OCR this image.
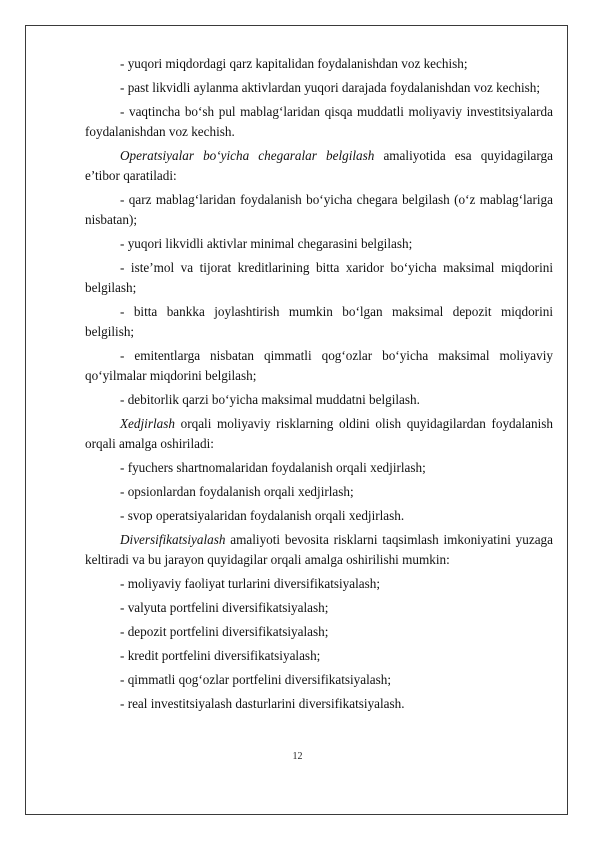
- yuqori miqdordagi qarz kapitalidan foydalanishdan voz kechish;

- past likvidli aylanma aktivlardan yuqori darajada foydalanishdan voz kechish;

- vaqtincha bo‘sh pul mablag‘laridan qisqa muddatli moliyaviy investitsiyalarda foydalanishdan voz kechish.

Operatsiyalar bo‘yicha chegaralar belgilash amaliyotida esa quyidagilarga e’tibor qaratiladi:

- qarz mablag‘laridan foydalanish bo‘yicha chegara belgilash (o‘z mablag‘lariga nisbatan);

- yuqori likvidli aktivlar minimal chegarasini belgilash;

- iste’mol va tijorat kreditlarining bitta xaridor bo‘yicha maksimal miqdorini belgilash;

- bitta bankka joylashtirish mumkin bo‘lgan maksimal depozit miqdorini belgilish;

- emitentlarga nisbatan qimmatli qog‘ozlar bo‘yicha maksimal moliyaviy qo‘yilmalar miqdorini belgilash;

- debitorlik qarzi bo‘yicha maksimal muddatni belgilash.

Xedjirlash orqali moliyaviy risklarning oldini olish quyidagilardan foydalanish orqali amalga oshiriladi:

- fyuchers shartnomalaridan foydalanish orqali xedjirlash;

- opsionlardan foydalanish orqali xedjirlash;

- svop operatsiyalaridan foydalanish orqali xedjirlash.

Diversifikatsiyalash amaliyoti bevosita risklarni taqsimlash imkoniyatini yuzaga keltiradi va bu jarayon quyidagilar orqali amalga oshirilishi mumkin:

- moliyaviy faoliyat turlarini diversifikatsiyalash;

- valyuta portfelini diversifikatsiyalash;

- depozit portfelini diversifikatsiyalash;

- kredit portfelini diversifikatsiyalash;

- qimmatli qog‘ozlar portfelini diversifikatsiyalash;

- real investitsiyalash dasturlarini diversifikatsiyalash.

12
